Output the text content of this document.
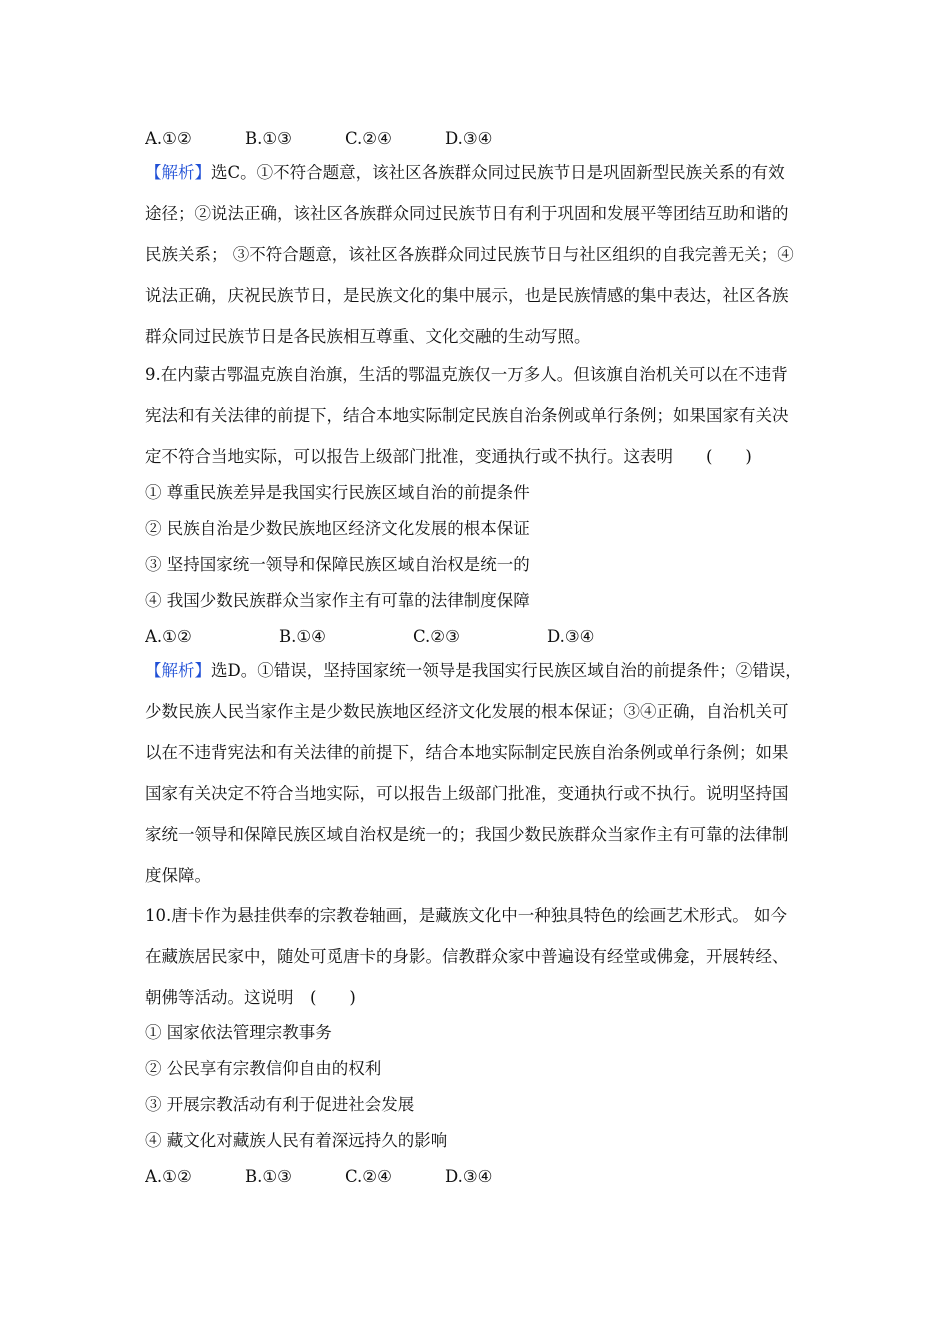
A.①②	B.①③	C.②④	D.③④
【解析】选C。①不符合题意，该社区各族群众同过民族节日是巩固新型民族关系的有效
途径；②说法正确，该社区各族群众同过民族节日有利于巩固和发展平等团结互助和谐的
民族关系； ③不符合题意，该社区各族群众同过民族节日与社区组织的自我完善无关；④
说法正确，庆祝民族节日，是民族文化的集中展示，也是民族情感的集中表达，社区各族
群众同过民族节日是各民族相互尊重、文化交融的生动写照。
9.在内蒙古鄂温克族自治旗，生活的鄂温克族仅一万多人。但该旗自治机关可以在不违背
宪法和有关法律的前提下，结合本地实际制定民族自治条例或单行条例；如果国家有关决
定不符合当地实际，可以报告上级部门批准，变通执行或不执行。这表明　　(　　)
① 尊重民族差异是我国实行民族区域自治的前提条件
② 民族自治是少数民族地区经济文化发展的根本保证
③ 坚持国家统一领导和保障民族区域自治权是统一的
④ 我国少数民族群众当家作主有可靠的法律制度保障
A.①②	B.①④	C.②③	D.③④
【解析】选D。①错误，坚持国家统一领导是我国实行民族区域自治的前提条件；②错误，
少数民族人民当家作主是少数民族地区经济文化发展的根本保证；③④正确，自治机关可
以在不违背宪法和有关法律的前提下，结合本地实际制定民族自治条例或单行条例；如果
国家有关决定不符合当地实际，可以报告上级部门批准，变通执行或不执行。说明坚持国
家统一领导和保障民族区域自治权是统一的；我国少数民族群众当家作主有可靠的法律制
度保障。
10.唐卡作为悬挂供奉的宗教卷轴画，是藏族文化中一种独具特色的绘画艺术形式。 如今
在藏族居民家中，随处可觅唐卡的身影。信教群众家中普遍设有经堂或佛龛，开展转经、
朝佛等活动。这说明　(　　)
① 国家依法管理宗教事务
② 公民享有宗教信仰自由的权利
③ 开展宗教活动有利于促进社会发展
④ 藏文化对藏族人民有着深远持久的影响
A.①②	B.①③	C.②④	D.③④
